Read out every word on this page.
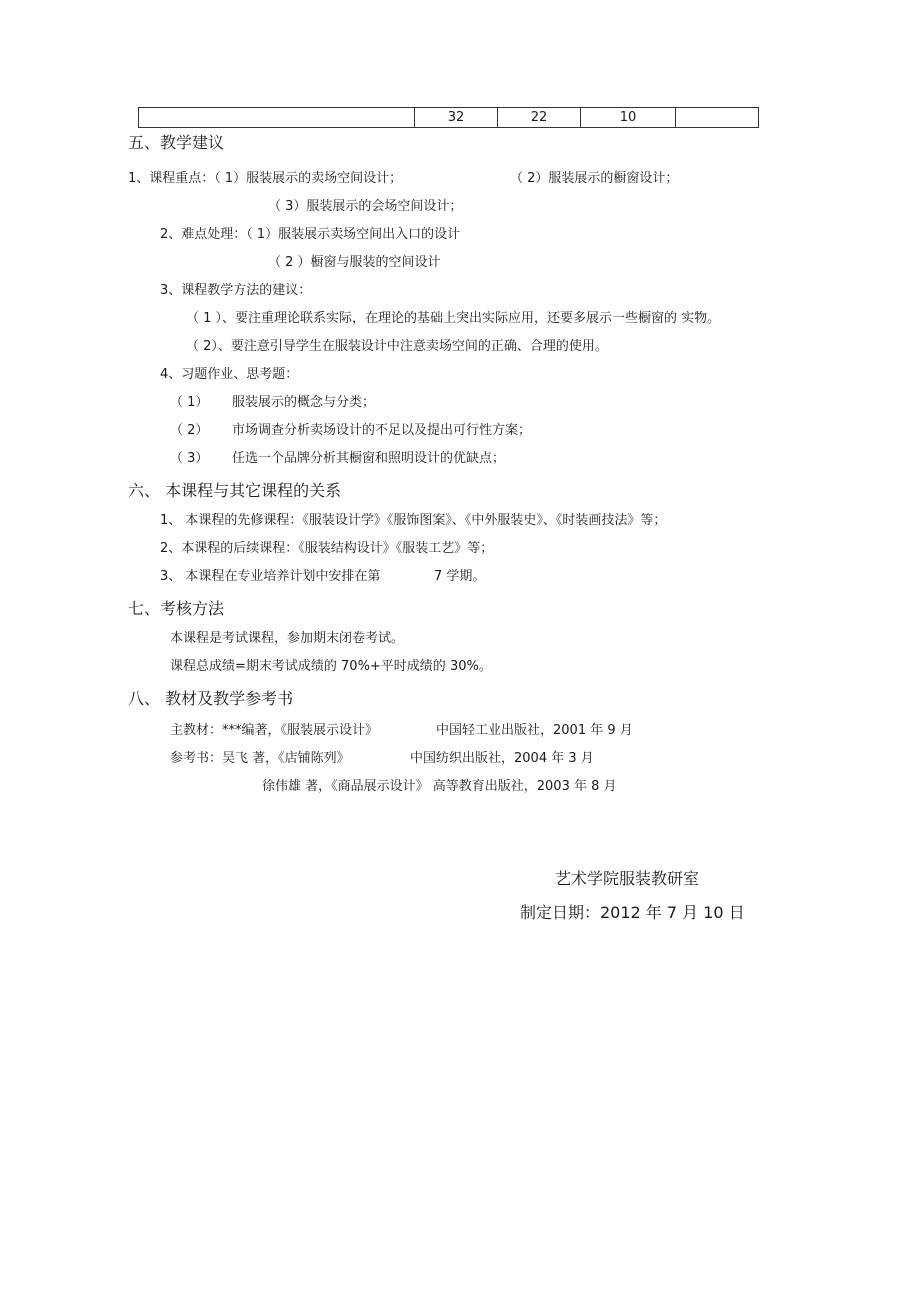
	32	22	10	
五、教学建议
1、课程重点：（ 1）服装展示的卖场空间设计；	（ 2）服装展示的橱窗设计；
（ 3）服装展示的会场空间设计；
2、难点处理：（ 1）服装展示卖场空间出入口的设计
（ 2 ）橱窗与服装的空间设计
3、课程教学方法的建议：
（ 1 ）、要注重理论联系实际，在理论的基础上突出实际应用，还要多展示一些橱窗的 实物。
（ 2）、要注意引导学生在服装设计中注意卖场空间的正确、合理的使用。
4、习题作业、思考题：
（ 1） 服装展示的概念与分类；
（ 2） 市场调查分析卖场设计的不足以及提出可行性方案；
（ 3） 任选一个品牌分析其橱窗和照明设计的优缺点；
六、 本课程与其它课程的关系
1、 本课程的先修课程：《服装设计学》《服饰图案》、《中外服装史》、《时装画技法》等；
2、本课程的后续课程：《服装结构设计》《服装工艺》等；
3、 本课程在专业培养计划中安排在第	7 学期。
七、考核方法
本课程是考试课程，参加期末闭卷考试。
课程总成绩=期末考试成绩的 70%+平时成绩的 30%。
八、 教材及教学参考书
主教材：***编著，《服装展示设计》	中国轻工业出版社，2001 年 9 月
参考书：吴飞 著，《店铺陈列》	中国纺织出版社，2004 年 3 月
徐伟雄 著，《商品展示设计》 高等教育出版社，2003 年 8 月
艺术学院服装教研室
制定日期：2012 年 7 月 10 日
